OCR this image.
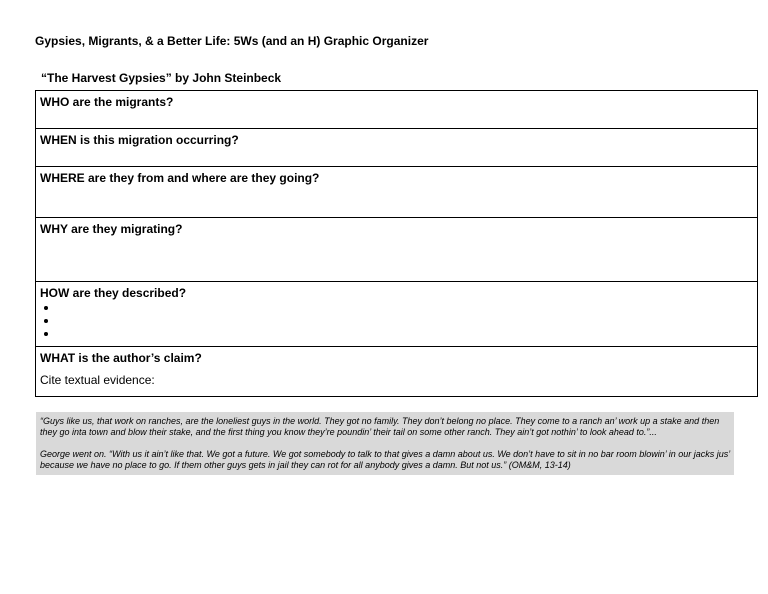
Gypsies, Migrants, & a Better Life: 5Ws (and an H) Graphic Organizer
“The Harvest Gypsies” by John Steinbeck
WHO are the migrants?

WHEN is this migration occurring?

WHERE are they from and where are they going?

WHY are they migrating?

HOW are they described?
•
•
•

WHAT is the author’s claim?
Cite textual evidence:

“Guys like us, that work on ranches, are the loneliest guys in the world. They got no family. They don’t belong no place. They come to a ranch an’ work up a stake and then they go inta town and blow their stake, and the first thing you know they’re poundin’ their tail on some other ranch. They ain’t got nothin’ to look ahead to.”...

George went on. “With us it ain’t like that. We got a future. We got somebody to talk to that gives a damn about us. We don’t have to sit in no bar room blowin’ in our jacks jus’ because we have no place to go. If them other guys gets in jail they can rot for all anybody gives a damn. But not us.” (OM&M, 13-14)
